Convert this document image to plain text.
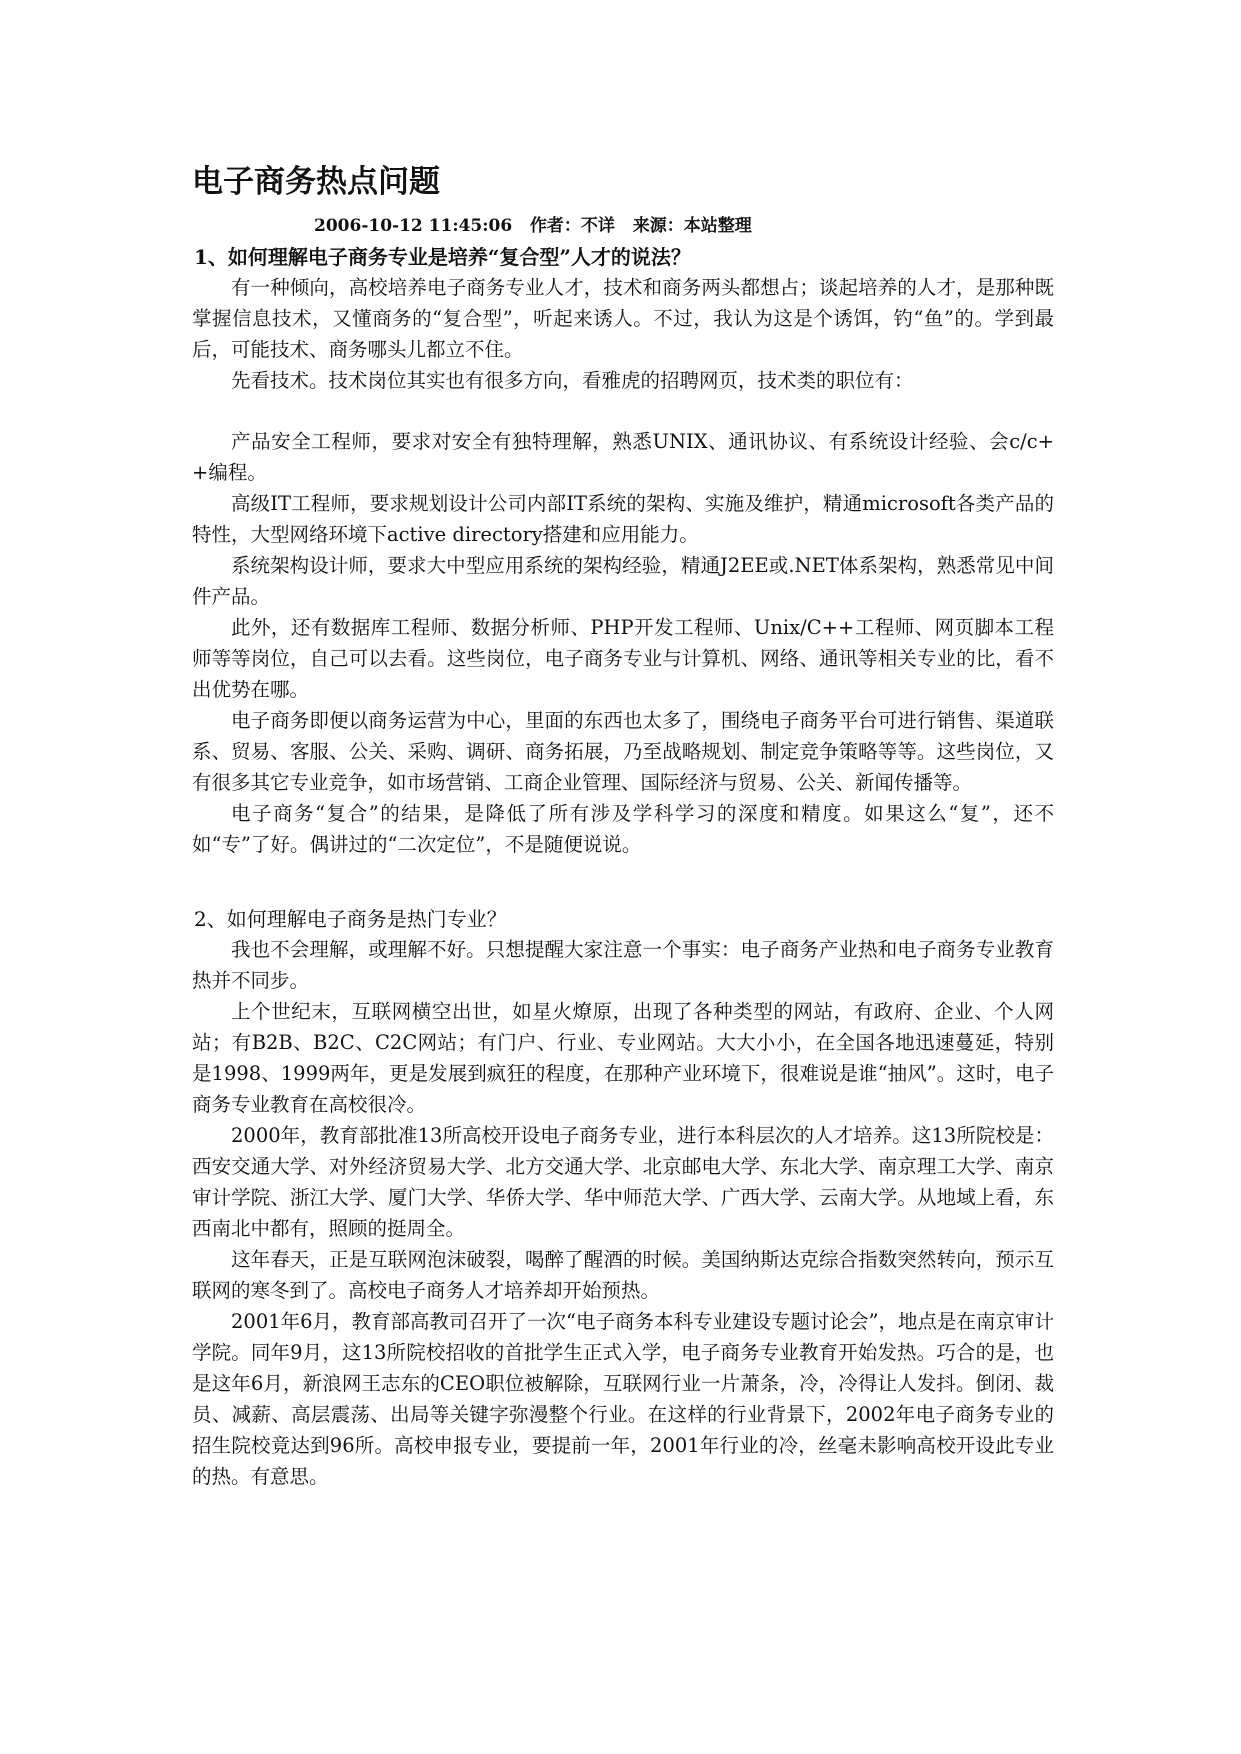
电子商务热点问题
2006-10-12 11:45:06   作者：不详   来源：本站整理
1、如何理解电子商务专业是培养“复合型”人才的说法？

有一种倾向，高校培养电子商务专业人才，技术和商务两头都想占；谈起培养的人才，是那种既掌握信息技术，又懂商务的“复合型”，听起来诱人。不过，我认为这是个诱饵，钓“鱼”的。学到最后，可能技术、商务哪头儿都立不住。

先看技术。技术岗位其实也有很多方向，看雅虎的招聘网页，技术类的职位有：

产品安全工程师，要求对安全有独特理解，熟悉UNIX、通讯协议、有系统设计经验、会c/c++编程。

高级IT工程师，要求规划设计公司内部IT系统的架构、实施及维护，精通microsoft各类产品的特性，大型网络环境下active directory搭建和应用能力。

系统架构设计师，要求大中型应用系统的架构经验，精通J2EE或.NET体系架构，熟悉常见中间件产品。

此外，还有数据库工程师、数据分析师、PHP开发工程师、Unix/C++工程师、网页脚本工程师等等岗位，自己可以去看。这些岗位，电子商务专业与计算机、网络、通讯等相关专业的比，看不出优势在哪。

电子商务即便以商务运营为中心，里面的东西也太多了，围绕电子商务平台可进行销售、渠道联系、贸易、客服、公关、采购、调研、商务拓展，乃至战略规划、制定竞争策略等等。这些岗位，又有很多其它专业竞争，如市场营销、工商企业管理、国际经济与贸易、公关、新闻传播等。

电子商务“复合”的结果，是降低了所有涉及学科学习的深度和精度。如果这么“复”，还不如“专”了好。偶讲过的“二次定位”，不是随便说说。

2、如何理解电子商务是热门专业？

我也不会理解，或理解不好。只想提醒大家注意一个事实：电子商务产业热和电子商务专业教育热并不同步。

上个世纪末，互联网横空出世，如星火燎原，出现了各种类型的网站，有政府、企业、个人网站；有B2B、B2C、C2C网站；有门户、行业、专业网站。大大小小，在全国各地迅速蔓延，特别是1998、1999两年，更是发展到疯狂的程度，在那种产业环境下，很难说是谁“抽风”。这时，电子商务专业教育在高校很冷。

2000年，教育部批准13所高校开设电子商务专业，进行本科层次的人才培养。这13所院校是：西安交通大学、对外经济贸易大学、北方交通大学、北京邮电大学、东北大学、南京理工大学、南京审计学院、浙江大学、厦门大学、华侨大学、华中师范大学、广西大学、云南大学。从地域上看，东西南北中都有，照顾的挺周全。

这年春天，正是互联网泡沫破裂，喝醉了醒酒的时候。美国纳斯达克综合指数突然转向，预示互联网的寒冬到了。高校电子商务人才培养却开始预热。

2001年6月，教育部高教司召开了一次“电子商务本科专业建设专题讨论会”，地点是在南京审计学院。同年9月，这13所院校招收的首批学生正式入学，电子商务专业教育开始发热。巧合的是，也是这年6月，新浪网王志东的CEO职位被解除，互联网行业一片萧条，冷，冷得让人发抖。倒闭、裁员、减薪、高层震荡、出局等关键字弥漫整个行业。在这样的行业背景下，2002年电子商务专业的招生院校竟达到96所。高校申报专业，要提前一年，2001年行业的冷，丝毫未影响高校开设此专业的热。有意思。
